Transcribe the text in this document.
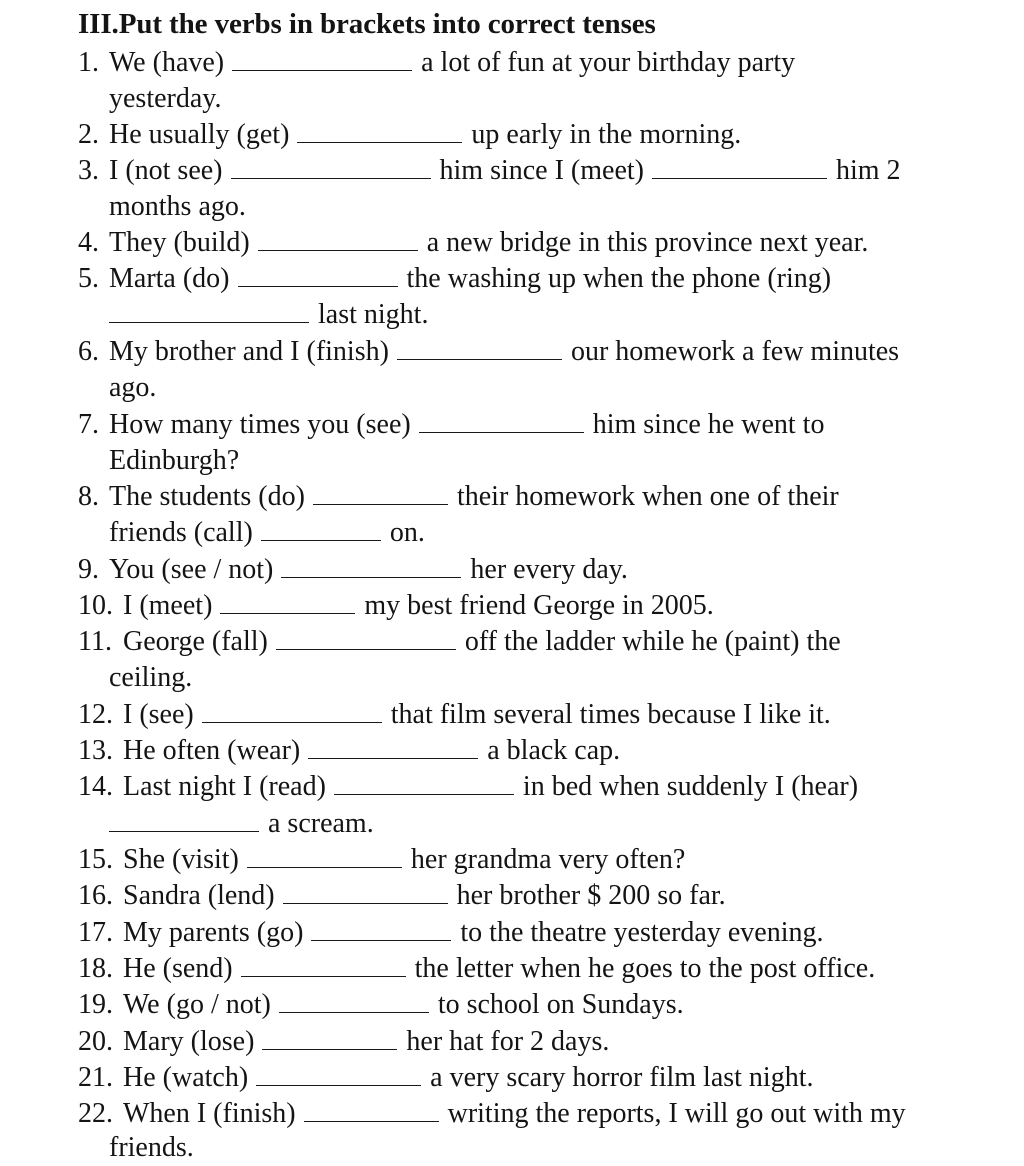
III.Put the verbs in brackets into correct tenses
1. We (have)	a lot of fun at your birthday party
yesterday.
2. He usually (get)	up early in the morning.
3. I (not see)	him since I (meet)	him 2
months ago.
4. They (build)	a new bridge in this province next year.
5. Marta (do)	the washing up when the phone (ring)
last night.
6. My brother and I (finish)	our homework a few minutes
ago.
7. How many times you (see)	him since he went to
Edinburgh?
8. The students (do)	their homework when one of their
friends (call)	on.
9. You (see / not)	her every day.
10. I (meet)	my best friend George in 2005.
11. George (fall)	off the ladder while he (paint) the
ceiling.
12. I (see)	that film several times because I like it.
13. He often (wear)	a black cap.
14. Last night I (read)	in bed when suddenly I (hear)
a scream.
15. She (visit)	her grandma very often?
16. Sandra (lend)	her brother $ 200 so far.
17. My parents (go)	to the theatre yesterday evening.
18. He (send)	the letter when he goes to the post office.
19. We (go / not)	to school on Sundays.
20. Mary (lose)	her hat for 2 days.
21. He (watch)	a very scary horror film last night.
22. When I (finish)	writing the reports, I will go out with my
friends.
